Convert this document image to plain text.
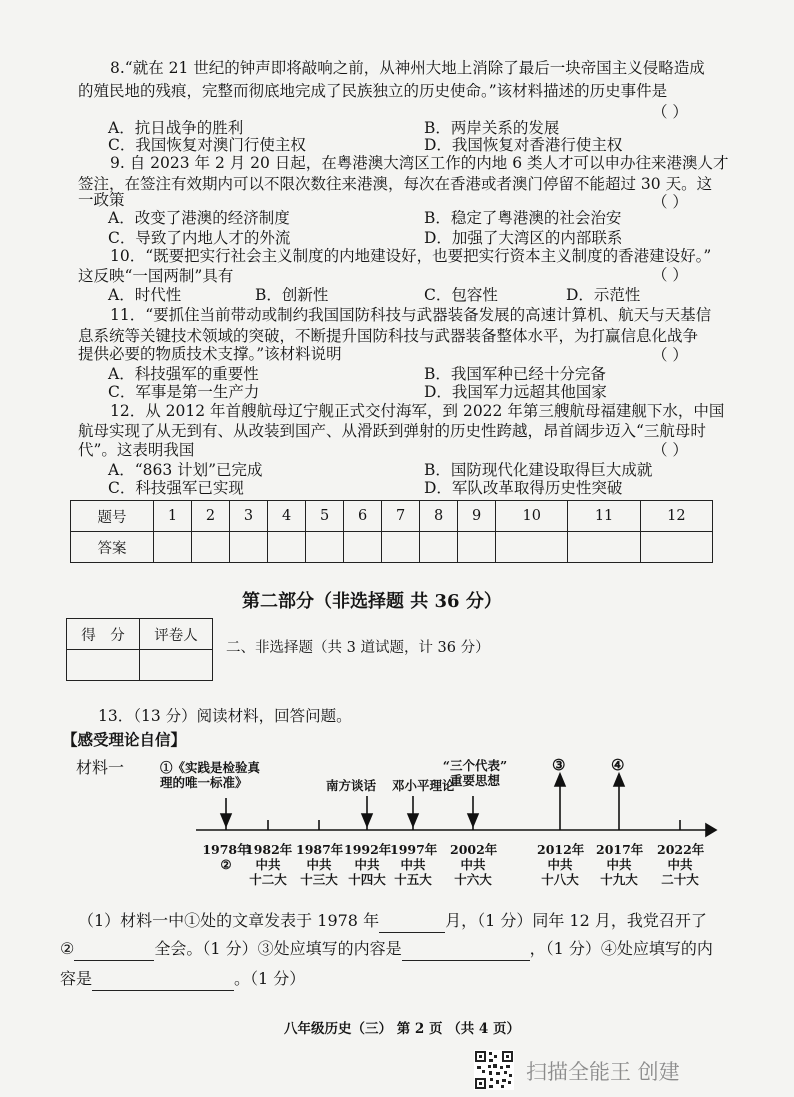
8.“就在 21 世纪的钟声即将敲响之前，从神州大地上消除了最后一块帝国主义侵略造成
的殖民地的残痕，完整而彻底地完成了民族独立的历史使命。”该材料描述的历史事件是
（ ）
A．抗日战争的胜利	B．两岸关系的发展
C．我国恢复对澳门行使主权	D．我国恢复对香港行使主权
9. 自 2023 年 2 月 20 日起，在粤港澳大湾区工作的内地 6 类人才可以申办往来港澳人才
签注，在签注有效期内可以不限次数往来港澳，每次在香港或者澳门停留不能超过 30 天。这
一政策	（ ）
A．改变了港澳的经济制度	B．稳定了粤港澳的社会治安
C．导致了内地人才的外流	D．加强了大湾区的内部联系
10．“既要把实行社会主义制度的内地建设好，也要把实行资本主义制度的香港建设好。”
这反映“一国两制”具有	（ ）
A．时代性	B．创新性	C．包容性	D．示范性
11．“要抓住当前带动或制约我国国防科技与武器装备发展的高速计算机、航天与天基信
息系统等关键技术领域的突破，不断提升国防科技与武器装备整体水平，为打赢信息化战争
提供必要的物质技术支撑。”该材料说明	（ ）
A．科技强军的重要性	B．我国军种已经十分完备
C．军事是第一生产力	D．我国军力远超其他国家
12．从 2012 年首艘航母辽宁舰正式交付海军，到 2022 年第三艘航母福建舰下水，中国
航母实现了从无到有、从改装到国产、从滑跃到弹射的历史性跨越，昂首阔步迈入“三航母时
代”。这表明我国	（ ）
A．“863 计划”已完成	B．国防现代化建设取得巨大成就
C．科技强军已实现	D．军队改革取得历史性突破
题号	1	2	3	4	5	6	7	8	9	10	11	12
答案												
第二部分（非选择题 共 36 分）
得　分	评卷人

二、非选择题（共 3 道试题，计 36 分）
13．（13 分）阅读材料，回答问题。
【感受理论自信】
材料一	①《实践是检验真
理的唯一标准》	南方谈话 邓小平理论
“三个代表”
重要思想
③	④
1978年
②
1982年
中共
十二大
1987年
中共
十三大
1992年
中共
十四大
1997年
中共
十五大
2002年
中共
十六大
2012年
中共
十八大
2017年
中共
十九大
2022年
中共
二十大
（1）材料一中①处的文章发表于 1978 年	月，（1 分）同年 12 月，我党召开了
②	全会。（1 分）③处应填写的内容是	，（1 分）④处应填写的内
容是	。（1 分）
八年级历史（三） 第 2 页 （共 4 页）
扫描全能王 创建
